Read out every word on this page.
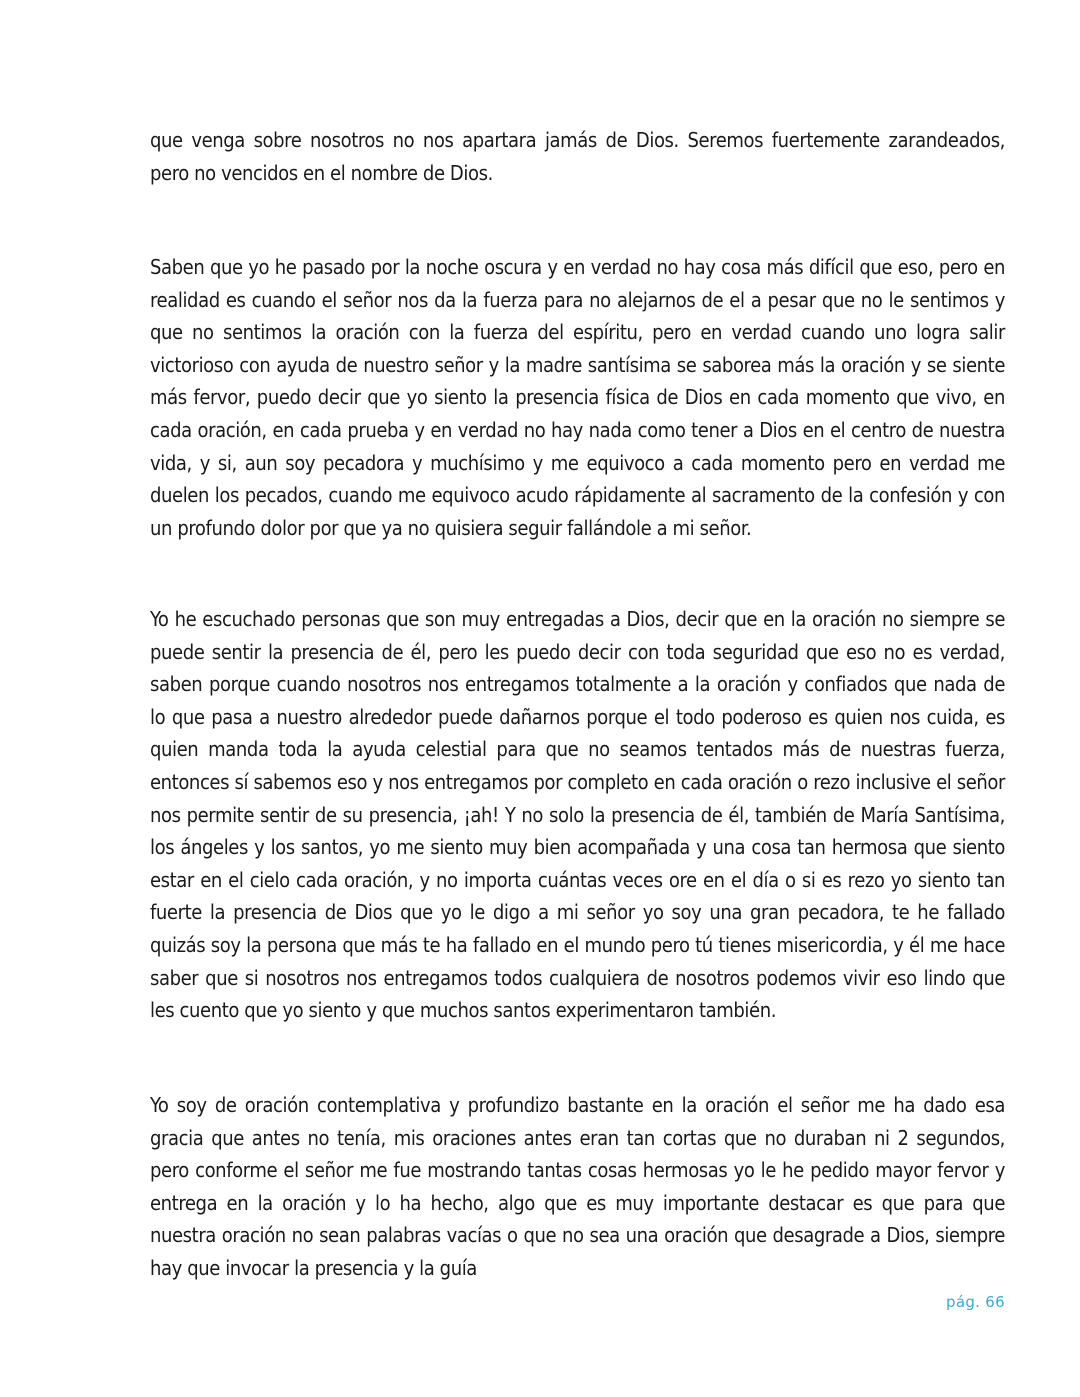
que venga sobre nosotros no nos apartara jamás de Dios. Seremos fuertemente zarandeados, pero no vencidos en el nombre de Dios.

Saben que yo he pasado por la noche oscura y en verdad no hay cosa más difícil que eso, pero en realidad es cuando el señor nos da la fuerza para no alejarnos de el a pesar que no le sentimos y que no sentimos la oración con la fuerza del espíritu, pero en verdad cuando uno logra salir victorioso con ayuda de nuestro señor y la madre santísima se saborea más la oración y se siente más fervor, puedo decir que yo siento la presencia física de Dios en cada momento que vivo, en cada oración, en cada prueba y en verdad no hay nada como tener a Dios en el centro de nuestra vida, y si, aun soy pecadora y muchísimo y me equivoco a cada momento pero en verdad me duelen los pecados, cuando me equivoco acudo rápidamente al sacramento de la confesión y con un profundo dolor por que ya no quisiera seguir fallándole a mi señor.

Yo he escuchado personas que son muy entregadas a Dios, decir que en la oración no siempre se puede sentir la presencia de él, pero les puedo decir con toda seguridad que eso no es verdad, saben porque cuando nosotros nos entregamos totalmente a la oración y confiados que nada de lo que pasa a nuestro alrededor puede dañarnos porque el todo poderoso es quien nos cuida, es quien manda toda la ayuda celestial para que no seamos tentados más de nuestras fuerza, entonces sí sabemos eso y nos entregamos por completo en cada oración o rezo inclusive el señor nos permite sentir de su presencia, ¡ah! Y no solo la presencia de él, también de María Santísima, los ángeles y los santos, yo me siento muy bien acompañada y una cosa tan hermosa que siento estar en el cielo cada oración, y no importa cuántas veces ore en el día o si es rezo yo siento tan fuerte la presencia de Dios que yo le digo a mi señor yo soy una gran pecadora, te he fallado quizás soy la persona que más te ha fallado en el mundo pero tú tienes misericordia, y él me hace saber que si nosotros nos entregamos todos cualquiera de nosotros podemos vivir eso lindo que les cuento que yo siento y que muchos santos experimentaron también.

Yo soy de oración contemplativa y profundizo bastante en la oración el señor me ha dado esa gracia que antes no tenía, mis oraciones antes eran tan cortas que no duraban ni 2 segundos, pero conforme el señor me fue mostrando tantas cosas hermosas yo le he pedido mayor fervor y entrega en la oración y lo ha hecho, algo que es muy importante destacar es que para que nuestra oración no sean palabras vacías o que no sea una oración que desagrade a Dios, siempre hay que invocar la presencia y la guía

pág. 66
